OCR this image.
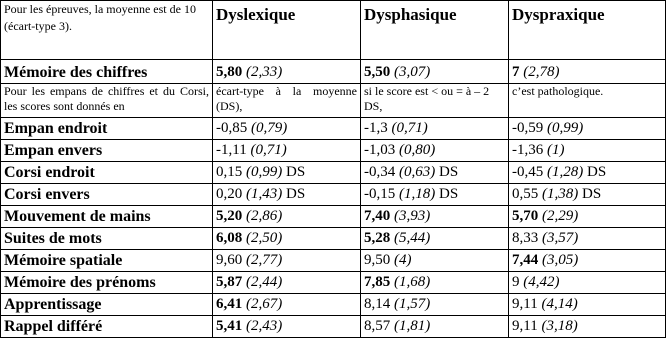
Pour les épreuves, la moyenne est de 10 (écart-type 3).	Dyslexique	Dysphasique	Dyspraxique
Mémoire des chiffres	5,80 (2,33)	5,50 (3,07)	7 (2,78)
Pour les empans de chiffres et du Corsi, les scores sont donnés en	écart-type à la moyenne (DS),	si le score est < ou = à – 2 DS,	c’est pathologique.
Empan endroit	-0,85 (0,79)	-1,3 (0,71)	-0,59 (0,99)
Empan envers	-1,11 (0,71)	-1,03 (0,80)	-1,36 (1)
Corsi endroit	0,15 (0,99) DS	-0,34 (0,63) DS	-0,45 (1,28) DS
Corsi envers	0,20 (1,43) DS	-0,15 (1,18) DS	0,55 (1,38) DS
Mouvement de mains	5,20 (2,86)	7,40 (3,93)	5,70 (2,29)
Suites de mots	6,08 (2,50)	5,28 (5,44)	8,33 (3,57)
Mémoire spatiale	9,60 (2,77)	9,50 (4)	7,44 (3,05)
Mémoire des prénoms	5,87 (2,44)	7,85 (1,68)	9 (4,42)
Apprentissage	6,41 (2,67)	8,14 (1,57)	9,11 (4,14)
Rappel différé	5,41 (2,43)	8,57 (1,81)	9,11 (3,18)
